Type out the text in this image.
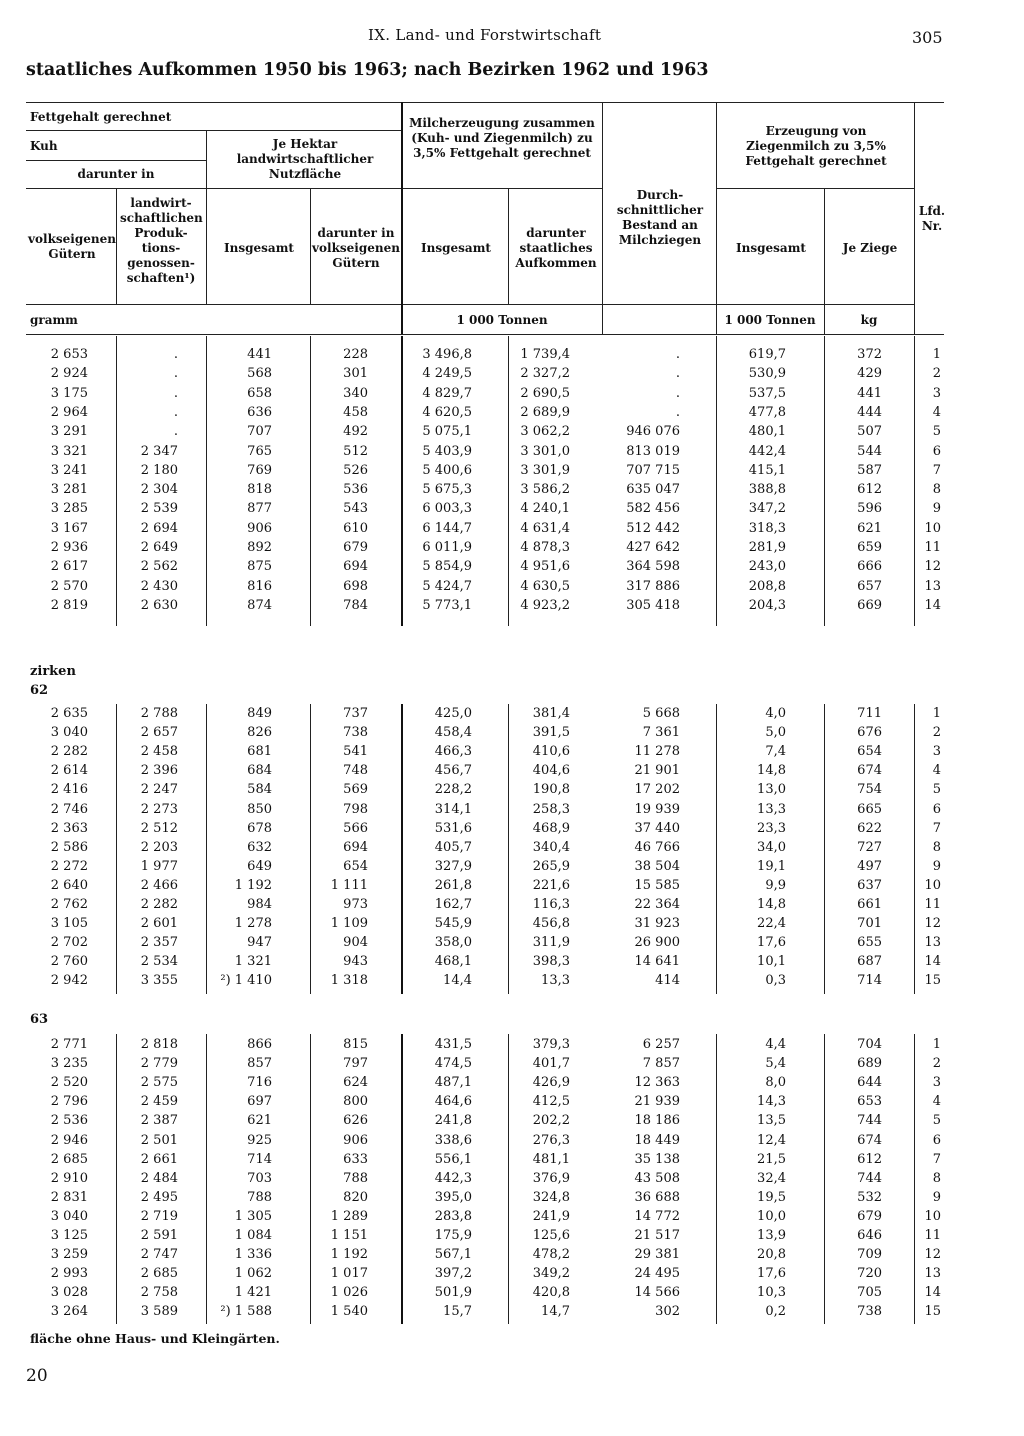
IX. Land- und Forstwirtschaft	305
staatliches Aufkommen 1950 bis 1963; nach Bezirken 1962 und 1963
Fettgehalt gerechnet
Kuh
darunter in
volkseigenen Gütern
landwirt-schaftlichen Produk-tions-genossen-schaften¹)
Je Hektar landwirtschaftlicher Nutzfläche
Insgesamt
darunter in volkseigenen Gütern
Milcherzeugung zusammen (Kuh- und Ziegenmilch) zu 3,5% Fettgehalt gerechnet
Insgesamt
darunter staatliches Aufkommen
Durch-schnittlicher Bestand an Milchziegen
Erzeugung von Ziegenmilch zu 3,5% Fettgehalt gerechnet
Insgesamt	Je Ziege
Lfd. Nr.
gramm	1 000 Tonnen	1 000 Tonnen	kg
zirken
62
63
2 653	.	441	228	3 496,8	1 739,4	.	619,7	372	1
2 924	.	568	301	4 249,5	2 327,2	.	530,9	429	2
3 175	.	658	340	4 829,7	2 690,5	.	537,5	441	3
2 964	.	636	458	4 620,5	2 689,9	.	477,8	444	4
3 291	.	707	492	5 075,1	3 062,2	946 076	480,1	507	5
3 321	2 347	765	512	5 403,9	3 301,0	813 019	442,4	544	6
3 241	2 180	769	526	5 400,6	3 301,9	707 715	415,1	587	7
3 281	2 304	818	536	5 675,3	3 586,2	635 047	388,8	612	8
3 285	2 539	877	543	6 003,3	4 240,1	582 456	347,2	596	9
3 167	2 694	906	610	6 144,7	4 631,4	512 442	318,3	621	10
2 936	2 649	892	679	6 011,9	4 878,3	427 642	281,9	659	11
2 617	2 562	875	694	5 854,9	4 951,6	364 598	243,0	666	12
2 570	2 430	816	698	5 424,7	4 630,5	317 886	208,8	657	13
2 819	2 630	874	784	5 773,1	4 923,2	305 418	204,3	669	14
2 635	2 788	849	737	425,0	381,4	5 668	4,0	711	1
3 040	2 657	826	738	458,4	391,5	7 361	5,0	676	2
2 282	2 458	681	541	466,3	410,6	11 278	7,4	654	3
2 614	2 396	684	748	456,7	404,6	21 901	14,8	674	4
2 416	2 247	584	569	228,2	190,8	17 202	13,0	754	5
2 746	2 273	850	798	314,1	258,3	19 939	13,3	665	6
2 363	2 512	678	566	531,6	468,9	37 440	23,3	622	7
2 586	2 203	632	694	405,7	340,4	46 766	34,0	727	8
2 272	1 977	649	654	327,9	265,9	38 504	19,1	497	9
2 640	2 466	1 192	1 111	261,8	221,6	15 585	9,9	637	10
2 762	2 282	984	973	162,7	116,3	22 364	14,8	661	11
3 105	2 601	1 278	1 109	545,9	456,8	31 923	22,4	701	12
2 702	2 357	947	904	358,0	311,9	26 900	17,6	655	13
2 760	2 534	1 321	943	468,1	398,3	14 641	10,1	687	14
2 942	3 355	²) 1 410	1 318	14,4	13,3	414	0,3	714	15
2 771	2 818	866	815	431,5	379,3	6 257	4,4	704	1
3 235	2 779	857	797	474,5	401,7	7 857	5,4	689	2
2 520	2 575	716	624	487,1	426,9	12 363	8,0	644	3
2 796	2 459	697	800	464,6	412,5	21 939	14,3	653	4
2 536	2 387	621	626	241,8	202,2	18 186	13,5	744	5
2 946	2 501	925	906	338,6	276,3	18 449	12,4	674	6
2 685	2 661	714	633	556,1	481,1	35 138	21,5	612	7
2 910	2 484	703	788	442,3	376,9	43 508	32,4	744	8
2 831	2 495	788	820	395,0	324,8	36 688	19,5	532	9
3 040	2 719	1 305	1 289	283,8	241,9	14 772	10,0	679	10
3 125	2 591	1 084	1 151	175,9	125,6	21 517	13,9	646	11
3 259	2 747	1 336	1 192	567,1	478,2	29 381	20,8	709	12
2 993	2 685	1 062	1 017	397,2	349,2	24 495	17,6	720	13
3 028	2 758	1 421	1 026	501,9	420,8	14 566	10,3	705	14
3 264	3 589	²) 1 588	1 540	15,7	14,7	302	0,2	738	15
fläche ohne Haus- und Kleingärten.
20
